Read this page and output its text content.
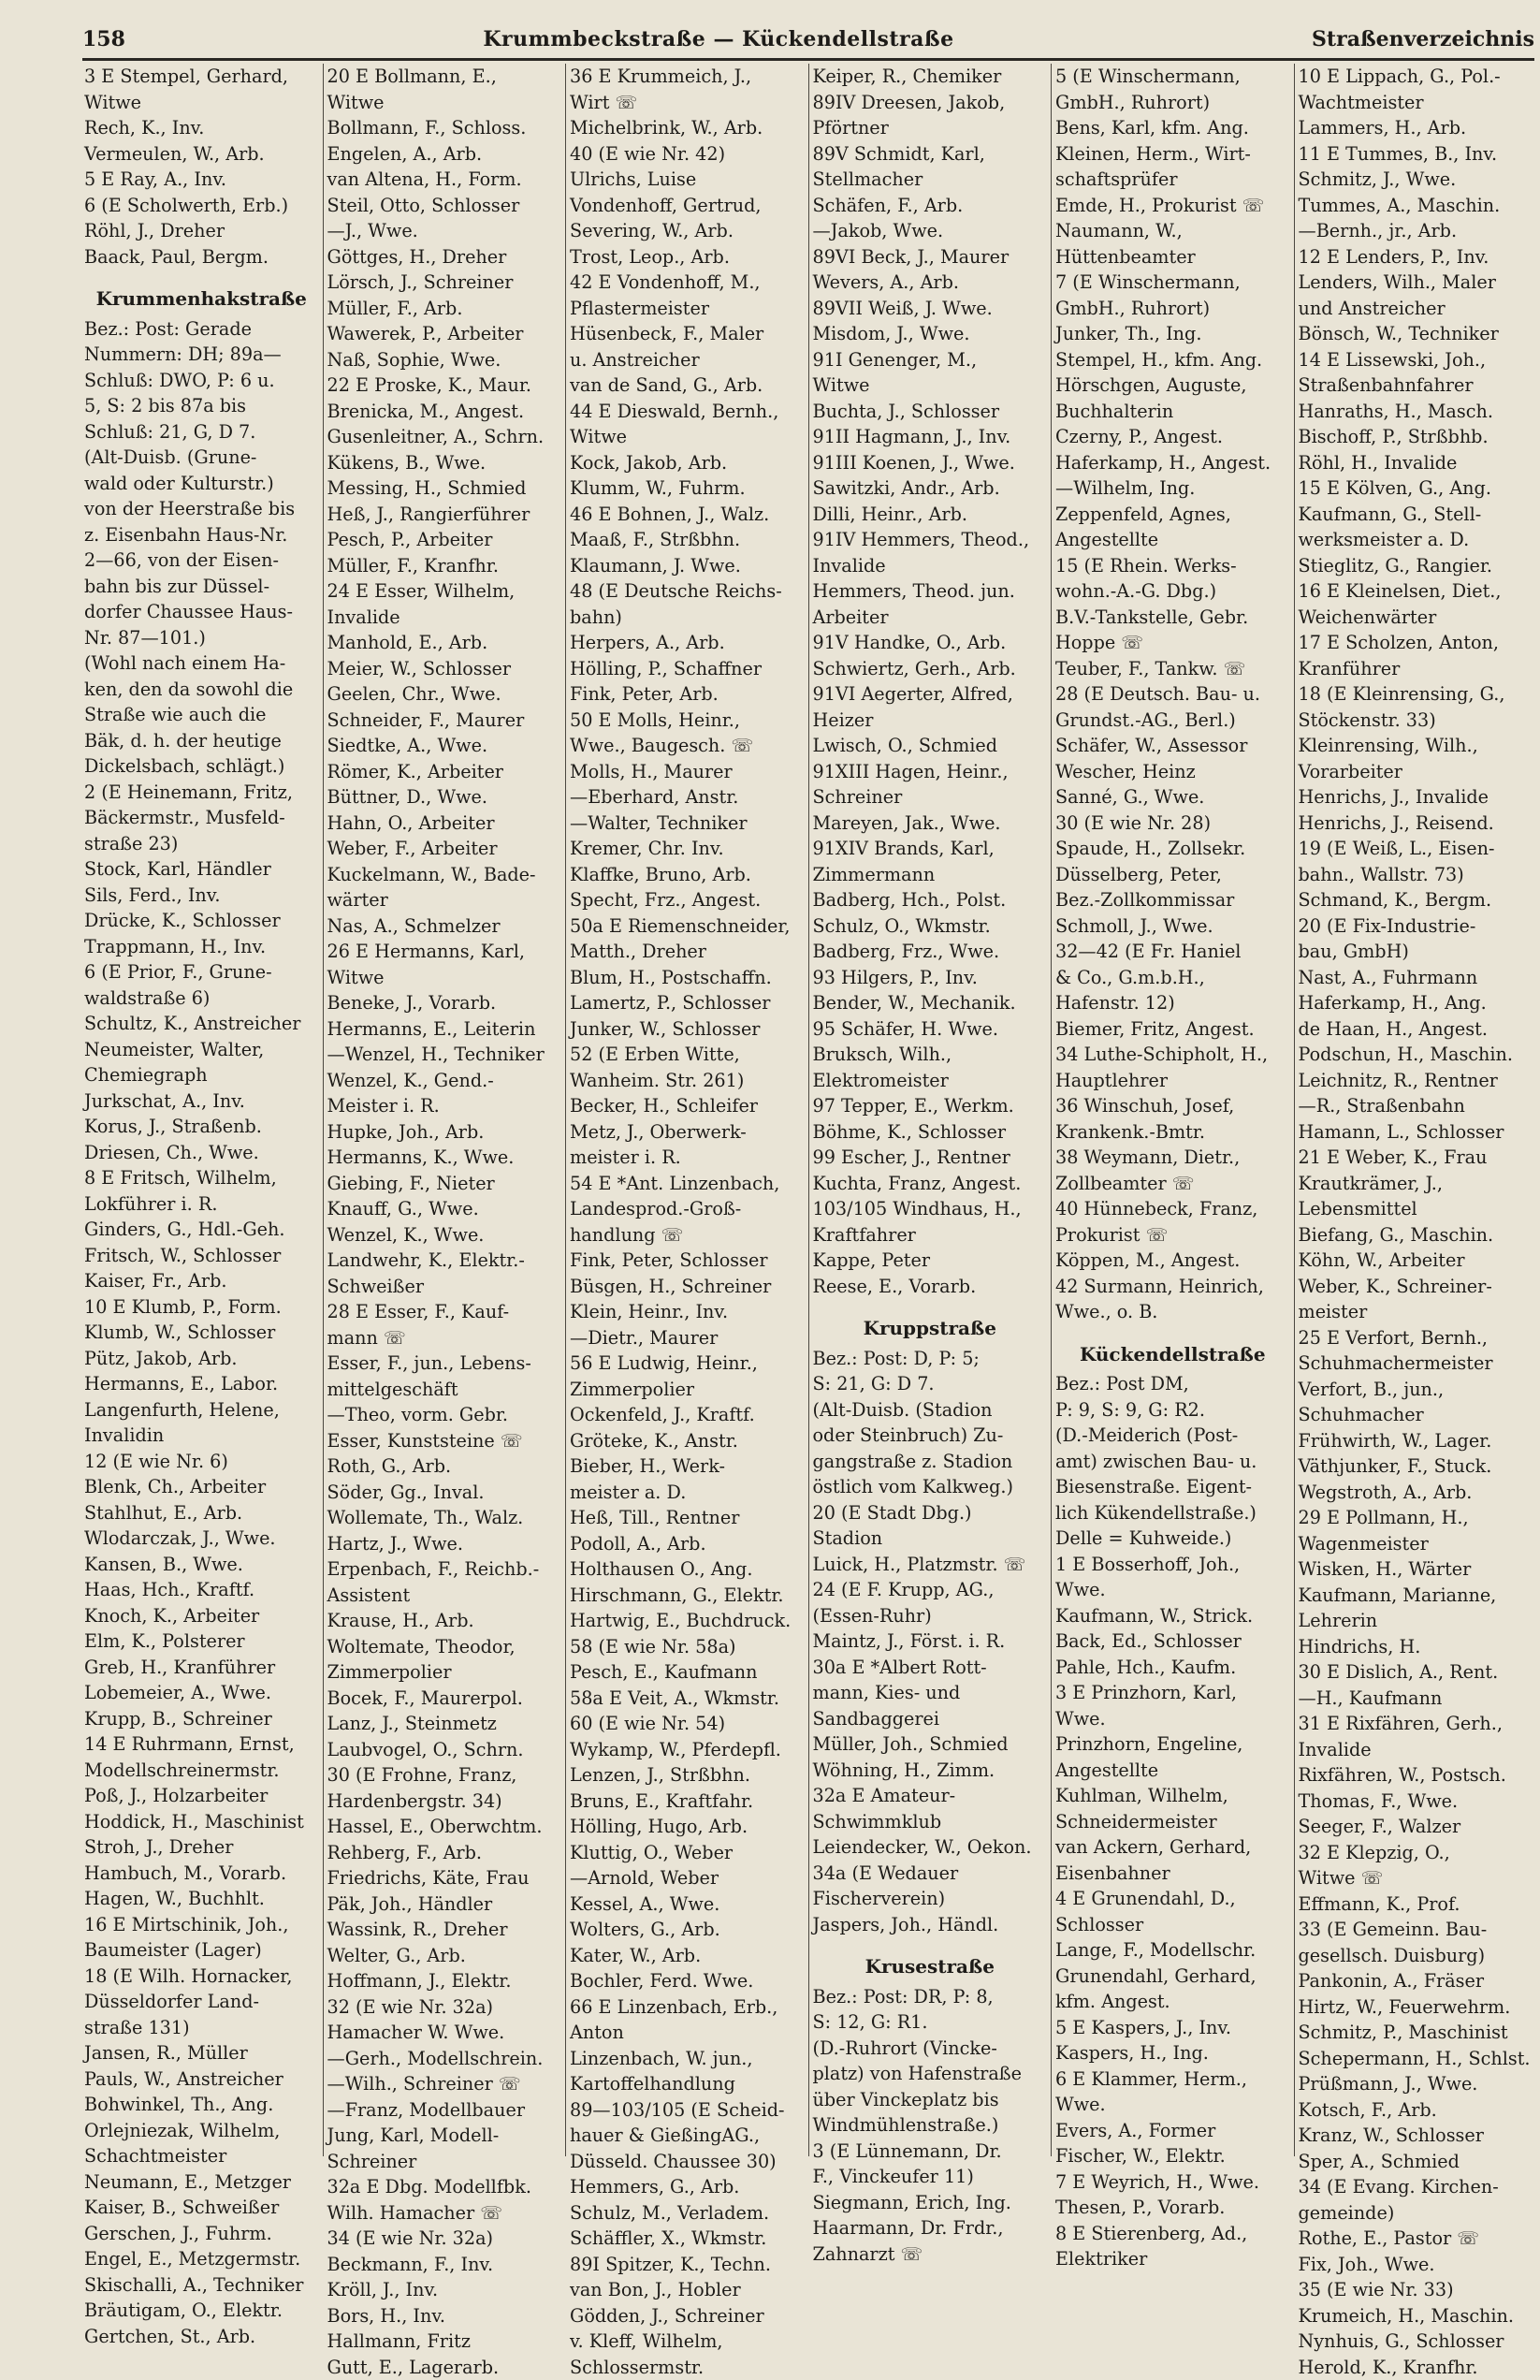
158	Krummbeckstraße — Kückendellstraße	Straßenverzeichnis
3 E Stempel, Gerhard,
Witwe
Rech, K., Inv.
Vermeulen, W., Arb.
5 E Ray, A., Inv.
6 (E Scholwerth, Erb.)
Röhl, J., Dreher
Baack, Paul, Bergm.
Krummenhakstraße
Bez.: Post: Gerade
Nummern: DH; 89a—
Schluß: DWO, P: 6 u.
5, S: 2 bis 87a bis
Schluß: 21, G, D 7.
(Alt-Duisb. (Grune-
wald oder Kulturstr.)
von der Heerstraße bis
z. Eisenbahn Haus-Nr.
2—66, von der Eisen-
bahn bis zur Düssel-
dorfer Chaussee Haus-
Nr. 87—101.)
(Wohl nach einem Ha-
ken, den da sowohl die
Straße wie auch die
Bäk, d. h. der heutige
Dickelsbach, schlägt.)
2 (E Heinemann, Fritz,
Bäckermstr., Musfeld-
straße 23)
Stock, Karl, Händler
Sils, Ferd., Inv.
Drücke, K., Schlosser
Trappmann, H., Inv.
6 (E Prior, F., Grune-
waldstraße 6)
Schultz, K., Anstreicher
Neumeister, Walter,
Chemiegraph
Jurkschat, A., Inv.
Korus, J., Straßenb.
Driesen, Ch., Wwe.
8 E Fritsch, Wilhelm,
Lokführer i. R.
Ginders, G., Hdl.-Geh.
Fritsch, W., Schlosser
Kaiser, Fr., Arb.
10 E Klumb, P., Form.
Klumb, W., Schlosser
Pütz, Jakob, Arb.
Hermanns, E., Labor.
Langenfurth, Helene,
Invalidin
12 (E wie Nr. 6)
Blenk, Ch., Arbeiter
Stahlhut, E., Arb.
Wlodarczak, J., Wwe.
Kansen, B., Wwe.
Haas, Hch., Kraftf.
Knoch, K., Arbeiter
Elm, K., Polsterer
Greb, H., Kranführer
Lobemeier, A., Wwe.
Krupp, B., Schreiner
14 E Ruhrmann, Ernst,
Modellschreinermstr.
Poß, J., Holzarbeiter
Hoddick, H., Maschinist
Stroh, J., Dreher
Hambuch, M., Vorarb.
Hagen, W., Buchhlt.
16 E Mirtschinik, Joh.,
Baumeister (Lager)
18 (E Wilh. Hornacker,
Düsseldorfer Land-
straße 131)
Jansen, R., Müller
Pauls, W., Anstreicher
Bohwinkel, Th., Ang.
Orlejniezak, Wilhelm,
Schachtmeister
Neumann, E., Metzger
Kaiser, B., Schweißer
Gerschen, J., Fuhrm.
Engel, E., Metzgermstr.
Skischalli, A., Techniker
Bräutigam, O., Elektr.
Gertchen, St., Arb.
20 E Bollmann, E.,
Witwe
Bollmann, F., Schloss.
Engelen, A., Arb.
van Altena, H., Form.
Steil, Otto, Schlosser
—J., Wwe.
Göttges, H., Dreher
Lörsch, J., Schreiner
Müller, F., Arb.
Wawerek, P., Arbeiter
Naß, Sophie, Wwe.
22 E Proske, K., Maur.
Brenicka, M., Angest.
Gusenleitner, A., Schrn.
Kükens, B., Wwe.
Messing, H., Schmied
Heß, J., Rangierführer
Pesch, P., Arbeiter
Müller, F., Kranfhr.
24 E Esser, Wilhelm,
Invalide
Manhold, E., Arb.
Meier, W., Schlosser
Geelen, Chr., Wwe.
Schneider, F., Maurer
Siedtke, A., Wwe.
Römer, K., Arbeiter
Büttner, D., Wwe.
Hahn, O., Arbeiter
Weber, F., Arbeiter
Kuckelmann, W., Bade-
wärter
Nas, A., Schmelzer
26 E Hermanns, Karl,
Witwe
Beneke, J., Vorarb.
Hermanns, E., Leiterin
—Wenzel, H., Techniker
Wenzel, K., Gend.-
Meister i. R.
Hupke, Joh., Arb.
Hermanns, K., Wwe.
Giebing, F., Nieter
Knauff, G., Wwe.
Wenzel, K., Wwe.
Landwehr, K., Elektr.-
Schweißer
28 E Esser, F., Kauf-
mann ☏
Esser, F., jun., Lebens-
mittelgeschäft
—Theo, vorm. Gebr.
Esser, Kunststeine ☏
Roth, G., Arb.
Söder, Gg., Inval.
Wollemate, Th., Walz.
Hartz, J., Wwe.
Erpenbach, F., Reichb.-
Assistent
Krause, H., Arb.
Woltemate, Theodor,
Zimmerpolier
Bocek, F., Maurerpol.
Lanz, J., Steinmetz
Laubvogel, O., Schrn.
30 (E Frohne, Franz,
Hardenbergstr. 34)
Hassel, E., Oberwchtm.
Rehberg, F., Arb.
Friedrichs, Käte, Frau
Päk, Joh., Händler
Wassink, R., Dreher
Welter, G., Arb.
Hoffmann, J., Elektr.
32 (E wie Nr. 32a)
Hamacher W. Wwe.
—Gerh., Modellschrein.
—Wilh., Schreiner ☏
—Franz, Modellbauer
Jung, Karl, Modell-
Schreiner
32a E Dbg. Modellfbk.
Wilh. Hamacher ☏
34 (E wie Nr. 32a)
Beckmann, F., Inv.
Kröll, J., Inv.
Bors, H., Inv.
Hallmann, Fritz
Gutt, E., Lagerarb.
36 E Krummeich, J.,
Wirt ☏
Michelbrink, W., Arb.
40 (E wie Nr. 42)
Ulrichs, Luise
Vondenhoff, Gertrud,
Severing, W., Arb.
Trost, Leop., Arb.
42 E Vondenhoff, M.,
Pflastermeister
Hüsenbeck, F., Maler
u. Anstreicher
van de Sand, G., Arb.
44 E Dieswald, Bernh.,
Witwe
Kock, Jakob, Arb.
Klumm, W., Fuhrm.
46 E Bohnen, J., Walz.
Maaß, F., Strßbhn.
Klaumann, J. Wwe.
48 (E Deutsche Reichs-
bahn)
Herpers, A., Arb.
Hölling, P., Schaffner
Fink, Peter, Arb.
50 E Molls, Heinr.,
Wwe., Baugesch. ☏
Molls, H., Maurer
—Eberhard, Anstr.
—Walter, Techniker
Kremer, Chr. Inv.
Klaffke, Bruno, Arb.
Specht, Frz., Angest.
50a E Riemenschneider,
Matth., Dreher
Blum, H., Postschaffn.
Lamertz, P., Schlosser
Junker, W., Schlosser
52 (E Erben Witte,
Wanheim. Str. 261)
Becker, H., Schleifer
Metz, J., Oberwerk-
meister i. R.
54 E *Ant. Linzenbach,
Landesprod.-Groß-
handlung ☏
Fink, Peter, Schlosser
Büsgen, H., Schreiner
Klein, Heinr., Inv.
—Dietr., Maurer
56 E Ludwig, Heinr.,
Zimmerpolier
Ockenfeld, J., Kraftf.
Gröteke, K., Anstr.
Bieber, H., Werk-
meister a. D.
Heß, Till., Rentner
Podoll, A., Arb.
Holthausen O., Ang.
Hirschmann, G., Elektr.
Hartwig, E., Buchdruck.
58 (E wie Nr. 58a)
Pesch, E., Kaufmann
58a E Veit, A., Wkmstr.
60 (E wie Nr. 54)
Wykamp, W., Pferdepfl.
Lenzen, J., Strßbhn.
Bruns, E., Kraftfahr.
Hölling, Hugo, Arb.
Kluttig, O., Weber
—Arnold, Weber
Kessel, A., Wwe.
Wolters, G., Arb.
Kater, W., Arb.
Bochler, Ferd. Wwe.
66 E Linzenbach, Erb.,
Anton
Linzenbach, W. jun.,
Kartoffelhandlung
89—103/105 (E Scheid-
hauer & GießingAG.,
Düsseld. Chaussee 30)
Hemmers, G., Arb.
Schulz, M., Verladem.
Schäffler, X., Wkmstr.
89I Spitzer, K., Techn.
van Bon, J., Hobler
Gödden, J., Schreiner
v. Kleff, Wilhelm,
Schlossermstr.
Keiper, R., Chemiker
89IV Dreesen, Jakob,
Pförtner
89V Schmidt, Karl,
Stellmacher
Schäfen, F., Arb.
—Jakob, Wwe.
89VI Beck, J., Maurer
Wevers, A., Arb.
89VII Weiß, J. Wwe.
Misdom, J., Wwe.
91I Genenger, M.,
Witwe
Buchta, J., Schlosser
91II Hagmann, J., Inv.
91III Koenen, J., Wwe.
Sawitzki, Andr., Arb.
Dilli, Heinr., Arb.
91IV Hemmers, Theod.,
Invalide
Hemmers, Theod. jun.
Arbeiter
91V Handke, O., Arb.
Schwiertz, Gerh., Arb.
91VI Aegerter, Alfred,
Heizer
Lwisch, O., Schmied
91XIII Hagen, Heinr.,
Schreiner
Mareyen, Jak., Wwe.
91XIV Brands, Karl,
Zimmermann
Badberg, Hch., Polst.
Schulz, O., Wkmstr.
Badberg, Frz., Wwe.
93 Hilgers, P., Inv.
Bender, W., Mechanik.
95 Schäfer, H. Wwe.
Bruksch, Wilh.,
Elektromeister
97 Tepper, E., Werkm.
Böhme, K., Schlosser
99 Escher, J., Rentner
Kuchta, Franz, Angest.
103/105 Windhaus, H.,
Kraftfahrer
Kappe, Peter
Reese, E., Vorarb.
Kruppstraße
Bez.: Post: D, P: 5;
S: 21, G: D 7.
(Alt-Duisb. (Stadion
oder Steinbruch) Zu-
gangstraße z. Stadion
östlich vom Kalkweg.)
20 (E Stadt Dbg.)
Stadion
Luick, H., Platzmstr. ☏
24 (E F. Krupp, AG.,
(Essen-Ruhr)
Maintz, J., Först. i. R.
30a E *Albert Rott-
mann, Kies- und
Sandbaggerei
Müller, Joh., Schmied
Wöhning, H., Zimm.
32a E Amateur-
Schwimmklub
Leiendecker, W., Oekon.
34a (E Wedauer
Fischerverein)
Jaspers, Joh., Händl.
Krusestraße
Bez.: Post: DR, P: 8,
S: 12, G: R1.
(D.-Ruhrort (Vincke-
platz) von Hafenstraße
über Vinckeplatz bis
Windmühlenstraße.)
3 (E Lünnemann, Dr.
F., Vinckeufer 11)
Siegmann, Erich, Ing.
Haarmann, Dr. Frdr.,
Zahnarzt ☏
5 (E Winschermann,
GmbH., Ruhrort)
Bens, Karl, kfm. Ang.
Kleinen, Herm., Wirt-
schaftsprüfer
Emde, H., Prokurist ☏
Naumann, W.,
Hüttenbeamter
7 (E Winschermann,
GmbH., Ruhrort)
Junker, Th., Ing.
Stempel, H., kfm. Ang.
Hörschgen, Auguste,
Buchhalterin
Czerny, P., Angest.
Haferkamp, H., Angest.
—Wilhelm, Ing.
Zeppenfeld, Agnes,
Angestellte
15 (E Rhein. Werks-
wohn.-A.-G. Dbg.)
B.V.-Tankstelle, Gebr.
Hoppe ☏
Teuber, F., Tankw. ☏
28 (E Deutsch. Bau- u.
Grundst.-AG., Berl.)
Schäfer, W., Assessor
Wescher, Heinz
Sanné, G., Wwe.
30 (E wie Nr. 28)
Spaude, H., Zollsekr.
Düsselberg, Peter,
Bez.-Zollkommissar
Schmoll, J., Wwe.
32—42 (E Fr. Haniel
& Co., G.m.b.H.,
Hafenstr. 12)
Biemer, Fritz, Angest.
34 Luthe-Schipholt, H.,
Hauptlehrer
36 Winschuh, Josef,
Krankenk.-Bmtr.
38 Weymann, Dietr.,
Zollbeamter ☏
40 Hünnebeck, Franz,
Prokurist ☏
Köppen, M., Angest.
42 Surmann, Heinrich,
Wwe., o. B.
Kückendellstraße
Bez.: Post DM,
P: 9, S: 9, G: R2.
(D.-Meiderich (Post-
amt) zwischen Bau- u.
Biesenstraße. Eigent-
lich Kükendellstraße.)
Delle = Kuhweide.)
1 E Bosserhoff, Joh.,
Wwe.
Kaufmann, W., Strick.
Back, Ed., Schlosser
Pahle, Hch., Kaufm.
3 E Prinzhorn, Karl,
Wwe.
Prinzhorn, Engeline,
Angestellte
Kuhlman, Wilhelm,
Schneidermeister
van Ackern, Gerhard,
Eisenbahner
4 E Grunendahl, D.,
Schlosser
Lange, F., Modellschr.
Grunendahl, Gerhard,
kfm. Angest.
5 E Kaspers, J., Inv.
Kaspers, H., Ing.
6 E Klammer, Herm.,
Wwe.
Evers, A., Former
Fischer, W., Elektr.
7 E Weyrich, H., Wwe.
Thesen, P., Vorarb.
8 E Stierenberg, Ad.,
Elektriker
10 E Lippach, G., Pol.-
Wachtmeister
Lammers, H., Arb.
11 E Tummes, B., Inv.
Schmitz, J., Wwe.
Tummes, A., Maschin.
—Bernh., jr., Arb.
12 E Lenders, P., Inv.
Lenders, Wilh., Maler
und Anstreicher
Bönsch, W., Techniker
14 E Lissewski, Joh.,
Straßenbahnfahrer
Hanraths, H., Masch.
Bischoff, P., Strßbhb.
Röhl, H., Invalide
15 E Kölven, G., Ang.
Kaufmann, G., Stell-
werksmeister a. D.
Stieglitz, G., Rangier.
16 E Kleinelsen, Diet.,
Weichenwärter
17 E Scholzen, Anton,
Kranführer
18 (E Kleinrensing, G.,
Stöckenstr. 33)
Kleinrensing, Wilh.,
Vorarbeiter
Henrichs, J., Invalide
Henrichs, J., Reisend.
19 (E Weiß, L., Eisen-
bahn., Wallstr. 73)
Schmand, K., Bergm.
20 (E Fix-Industrie-
bau, GmbH)
Nast, A., Fuhrmann
Haferkamp, H., Ang.
de Haan, H., Angest.
Podschun, H., Maschin.
Leichnitz, R., Rentner
—R., Straßenbahn
Hamann, L., Schlosser
21 E Weber, K., Frau
Krautkrämer, J.,
Lebensmittel
Biefang, G., Maschin.
Köhn, W., Arbeiter
Weber, K., Schreiner-
meister
25 E Verfort, Bernh.,
Schuhmachermeister
Verfort, B., jun.,
Schuhmacher
Frühwirth, W., Lager.
Väthjunker, F., Stuck.
Wegstroth, A., Arb.
29 E Pollmann, H.,
Wagenmeister
Wisken, H., Wärter
Kaufmann, Marianne,
Lehrerin
Hindrichs, H.
30 E Dislich, A., Rent.
—H., Kaufmann
31 E Rixfähren, Gerh.,
Invalide
Rixfähren, W., Postsch.
Thomas, F., Wwe.
Seeger, F., Walzer
32 E Klepzig, O.,
Witwe ☏
Effmann, K., Prof.
33 (E Gemeinn. Bau-
gesellsch. Duisburg)
Pankonin, A., Fräser
Hirtz, W., Feuerwehrm.
Schmitz, P., Maschinist
Schepermann, H., Schlst.
Prüßmann, J., Wwe.
Kotsch, F., Arb.
Kranz, W., Schlosser
Sper, A., Schmied
34 (E Evang. Kirchen-
gemeinde)
Rothe, E., Pastor ☏
Fix, Joh., Wwe.
35 (E wie Nr. 33)
Krumeich, H., Maschin.
Nynhuis, G., Schlosser
Herold, K., Kranfhr.
